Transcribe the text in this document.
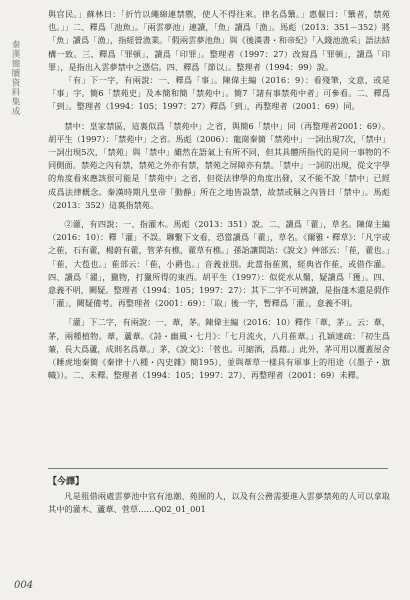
秦漢簡牘資料集成

與官民。」蘇林曰：「折竹以繩綿連禁禦，使人不得往來。律名爲籞。」惠偃曰：「籞者，禁苑也。」」二、釋爲「池魚」。「兩雲夢池」連讀，「魚」讀爲「漁」。馬彪（2013：351－352）將「魚」讀爲「漁」，指經營漁業。「假兩雲夢池魚」與《後漢書・和帝紀》「入錢池漁采」語法結構一致。三、釋爲「罪頓」，讀爲「印罪」。整理者（1997：27）改寫爲「罪頓」，讀爲「印罪」，是指出入雲夢禁中之憑信。四、釋爲「節以」。整理者（1994：99）說。

「有」下一字，有兩說：一、釋爲「事」。陳偉主編（2016：9）：看殘筆，文意，或是「事」字。簡6「禁苑史」及本簡和簡「禁苑中」。簡7「諸有事禁苑中者」可參看。二、釋爲「到」。整理者（1994：105；1997：27）釋爲「到」，再整理者（2001：69）同。

禁中：皇家禁區，這裏似爲「禁苑中」之省，與簡6「禁中」同（再整理者2001：69）。胡平生（1997）：「禁苑中」之省。馬彪（2006）：龍崗秦簡「禁苑中」一詞出現7次，「禁中」一詞出現5次，「禁苑」與「禁中」雖然在語氣上有所不同，但其具體所指代的是同一事物的不同側面。禁苑之內有禁，禁苑之外亦有禁，禁苑之屏障亦有禁。「禁中」一詞的出現，從文字學的角度看來應該很可能是「禁苑中」之省，但從法律學的角度出發，又不能不說「禁中」已經成爲法律概念。秦漢時期凡皇帝「動靜」所在之地皆設禁，故禁或稱之內皆曰「禁中」。馬彪（2013：352）這裏指禁苑。

②灌，有四說：一、指灌木。馬彪（2013：351）說。二、讀爲「藿」，草名。陳偉主編（2016：10）：釋「灌」不誤。聯繫下文看，恐當讀爲「藿」，草名。《爾雅・釋草》：「凡字或之萑，石有藿，楊蔚有藿，管茅有樵，藿草有樵。」孫詒讓間詁：《說文》艸部云：「萑，藿也。」「萑，大苞也。」萑部云：「萑，小爵也。」音義並別。此當指萑篤，經典省作萑，或借作灌。四、讀爲「濯」，獵物，打獵所得的東西。胡平生（1997）：似從水从鬚，疑讀爲「獲」。四、意義不明，闕疑。整理者（1994：105；1997：27）：其下二字不可辨讀，是指蓬木還是假作「灌」，闕疑備考。再整理者（2001：69）：「取」後一字，暫釋爲「灌」，意義不明。

「灌」下二字，有兩說：一、葦，茅。陳偉主編（2016：10）釋作「葦，茅」。云：葦，茅，兩種植物。葦，蘆葦。《詩・幽風・七月》：「七月流火，八月萑葦。」孔穎達疏：「初生爲蒹，長大爲蘆，成則名爲葦。」茅，《說文》：「菅也。可縮酒，爲藉。」此外，茅可用以覆蓋屋舍（睡虎地秦簡《秦律十八種・內史雜》簡195），並與葦草一樣具有軍事上的用途（《墨子・旗幟》）。二、未釋。整理者（1994：105；1997：27）、再整理者（2001：69）未釋。

【今譯】
凡是租借兩處雲夢池中官有池潮、苑囿的人，以及有公務需要進入雲夢禁苑的人可以拿取其中的灌木、蘆葦、菅草……Q02_01_001
004
